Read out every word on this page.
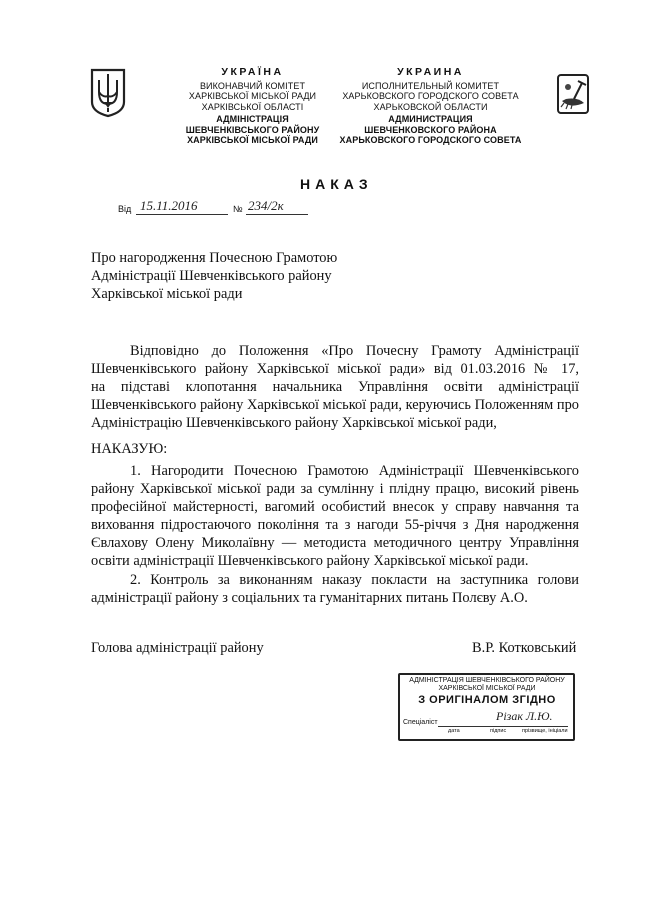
УКРАЇНА
ВИКОНАВЧИЙ КОМІТЕТ
ХАРКІВСЬКОЇ МІСЬКОЇ РАДИ
ХАРКІВСЬКОЇ ОБЛАСТІ
АДМІНІСТРАЦІЯ
ШЕВЧЕНКІВСЬКОГО РАЙОНУ
ХАРКІВСЬКОЇ МІСЬКОЇ РАДИ
УКРАИНА
ИСПОЛНИТЕЛЬНЫЙ КОМИТЕТ
ХАРЬКОВСКОГО ГОРОДСКОГО СОВЕТА
ХАРЬКОВСКОЙ ОБЛАСТИ
АДМИНИСТРАЦИЯ
ШЕВЧЕНКОВСКОГО РАЙОНА
ХАРЬКОВСКОГО ГОРОДСКОГО СОВЕТА
НАКАЗ
Від 15.11.2016	№ 234/2к
Про нагородження Почесною Грамотою
Адміністрації Шевченківського району
Харківської міської ради
Відповідно до Положення «Про Почесну Грамоту Адміністрації
Шевченківського району Харківської міської ради» від 01.03.2016 № 17,
на підставі клопотання начальника Управління освіти адміністрації
Шевченківського району Харківської міської ради, керуючись Положенням про
Адміністрацію Шевченківського району Харківської міської ради,
НАКАЗУЮ:
1. Нагородити Почесною Грамотою Адміністрації Шевченківського
району Харківської міської ради за сумлінну і плідну працю, високий рівень
професійної майстерності, вагомий особистий внесок у справу навчання та
виховання підростаючого покоління та з нагоди 55-річчя з Дня народження
Євлахову Олену Миколаївну — методиста методичного центру Управління
освіти адміністрації Шевченківського району Харківської міської ради.
2. Контроль за виконанням наказу покласти на заступника голови
адміністрації району з соціальних та гуманітарних питань Полєву А.О.
Голова адміністрації району	В.Р. Котковський
АДМІНІСТРАЦІЯ ШЕВЧЕНКІВСЬКОГО РАЙОНУ
ХАРКІВСЬКОЇ МІСЬКОЇ РАДИ
З ОРИГІНАЛОМ ЗГІДНО
Спеціаліст	Різак Л.Ю.
дата	підпис	прізвище, ініціали
